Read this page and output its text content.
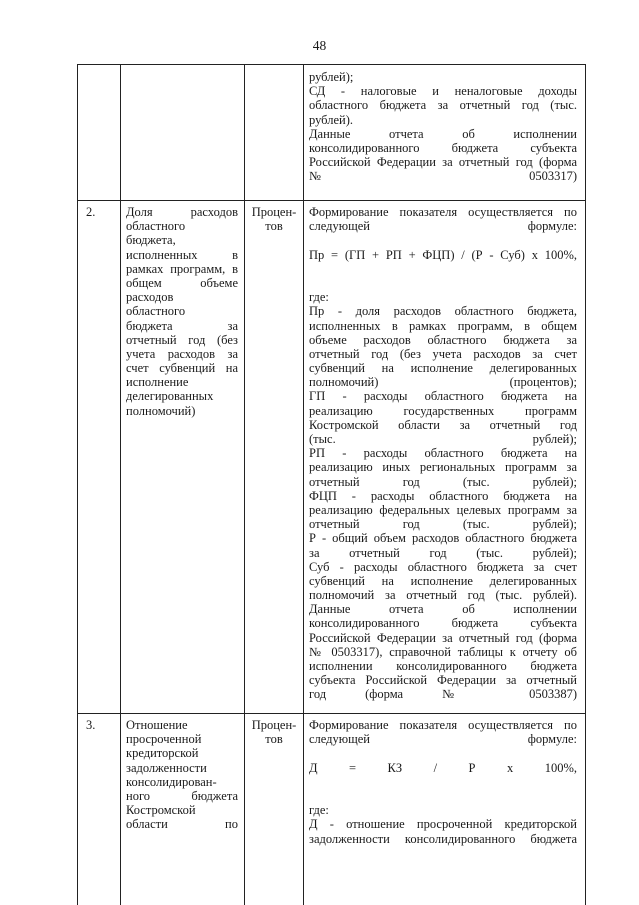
48
рублей);
СД - налоговые и неналоговые доходы
областного бюджета за отчетный год (тыс.
рублей).
Данные отчета об исполнении
консолидированного бюджета субъекта
Российской Федерации за отчетный год (форма
№ 0503317)
2. Доля расходов
областного
бюджета,
исполненных в
рамках программ, в
общем объеме
расходов
областного
бюджета за
отчетный год (без
учета расходов за
счет субвенций на
исполнение
делегированных
полномочий)
Процен-
тов
Формирование показателя осуществляется по
следующей формуле:
Пр = (ГП + РП + ФЦП) / (Р - Суб) х 100%,
где:
Пр - доля расходов областного бюджета,
исполненных в рамках программ, в общем
объеме расходов областного бюджета за
отчетный год (без учета расходов за счет
субвенций на исполнение делегированных
полномочий) (процентов);
ГП - расходы областного бюджета на
реализацию государственных программ
Костромской области за отчетный год
(тыс. рублей);
РП - расходы областного бюджета на
реализацию иных региональных программ за
отчетный год (тыс. рублей);
ФЦП - расходы областного бюджета на
реализацию федеральных целевых программ за
отчетный год (тыс. рублей);
Р - общий объем расходов областного бюджета
за отчетный год (тыс. рублей);
Суб - расходы областного бюджета за счет
субвенций на исполнение делегированных
полномочий за отчетный год (тыс. рублей).
Данные отчета об исполнении
консолидированного бюджета субъекта
Российской Федерации за отчетный год (форма
№ 0503317), справочной таблицы к отчету об
исполнении консолидированного бюджета
субъекта Российской Федерации за отчетный
год (форма № 0503387)
3. Отношение
просроченной
кредиторской
задолженности
консолидирован-
ного бюджета
Костромской
области по
Процен-
тов
Формирование показателя осуществляется по
следующей формуле:
Д = КЗ / Р х 100%,
где:
Д - отношение просроченной кредиторской
задолженности консолидированного бюджета
